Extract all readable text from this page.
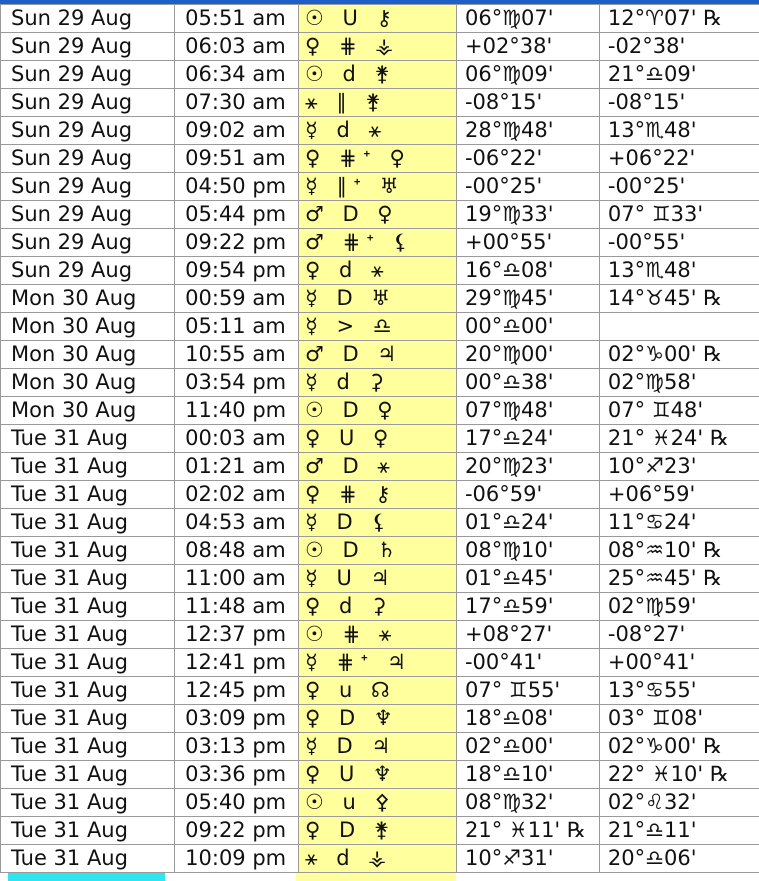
Sun 29 Aug	05:51 am	☉ U ⚷	06°♍07'	12°♈07' ℞
Sun 29 Aug	06:03 am	♀ ⋕ ⚶	+02°38'	-02°38'
Sun 29 Aug	06:34 am	☉ d ⚵	06°♍09'	21°♎09'
Sun 29 Aug	07:30 am	⚹ ∥ ⚵	-08°15'	-08°15'
Sun 29 Aug	09:02 am	☿ d ⚹	28°♍48'	13°♏48'
Sun 29 Aug	09:51 am	♀ ⋕ᐩ ♀	-06°22'	+06°22'
Sun 29 Aug	04:50 pm	☿ ∥ᐩ ♅	-00°25'	-00°25'
Sun 29 Aug	05:44 pm	♂ D ♀	19°♍33'	07° ♊33'
Sun 29 Aug	09:22 pm	♂ ⋕ᐩ ⚸	+00°55'	-00°55'
Sun 29 Aug	09:54 pm	♀ d ⚹	16°♎08'	13°♏48'
Mon 30 Aug	00:59 am	☿ D ♅	29°♍45'	14°♉45' ℞
Mon 30 Aug	05:11 am	☿ > ♎	00°♎00'	
Mon 30 Aug	10:55 am	♂ D ♃	20°♍00'	02°♑00' ℞
Mon 30 Aug	03:54 pm	☿ d ⚳	00°♎38'	02°♍58'
Mon 30 Aug	11:40 pm	☉ D ♀	07°♍48'	07° ♊48'
Tue 31 Aug	00:03 am	♀ U ♀	17°♎24'	21° ♓24' ℞
Tue 31 Aug	01:21 am	♂ D ⚹	20°♍23'	10°♐23'
Tue 31 Aug	02:02 am	♀ ⋕ ⚷	-06°59'	+06°59'
Tue 31 Aug	04:53 am	☿ D ⚸	01°♎24'	11°♋24'
Tue 31 Aug	08:48 am	☉ D ♄	08°♍10'	08°♒10' ℞
Tue 31 Aug	11:00 am	☿ U ♃	01°♎45'	25°♒45' ℞
Tue 31 Aug	11:48 am	♀ d ⚳	17°♎59'	02°♍59'
Tue 31 Aug	12:37 pm	☉ ⋕ ⚹	+08°27'	-08°27'
Tue 31 Aug	12:41 pm	☿ ⋕ᐩ ♃	-00°41'	+00°41'
Tue 31 Aug	12:45 pm	♀ u ☊	07° ♊55'	13°♋55'
Tue 31 Aug	03:09 pm	♀ D ♆	18°♎08'	03° ♊08'
Tue 31 Aug	03:13 pm	☿ D ♃	02°♎00'	02°♑00' ℞
Tue 31 Aug	03:36 pm	♀ U ♆	18°♎10'	22° ♓10' ℞
Tue 31 Aug	05:40 pm	☉ u ⚴	08°♍32'	02°♌32'
Tue 31 Aug	09:22 pm	♀ D ⚵	21° ♓11' ℞	21°♎11'
Tue 31 Aug	10:09 pm	⚹ d ⚶	10°♐31'	20°♎06'
